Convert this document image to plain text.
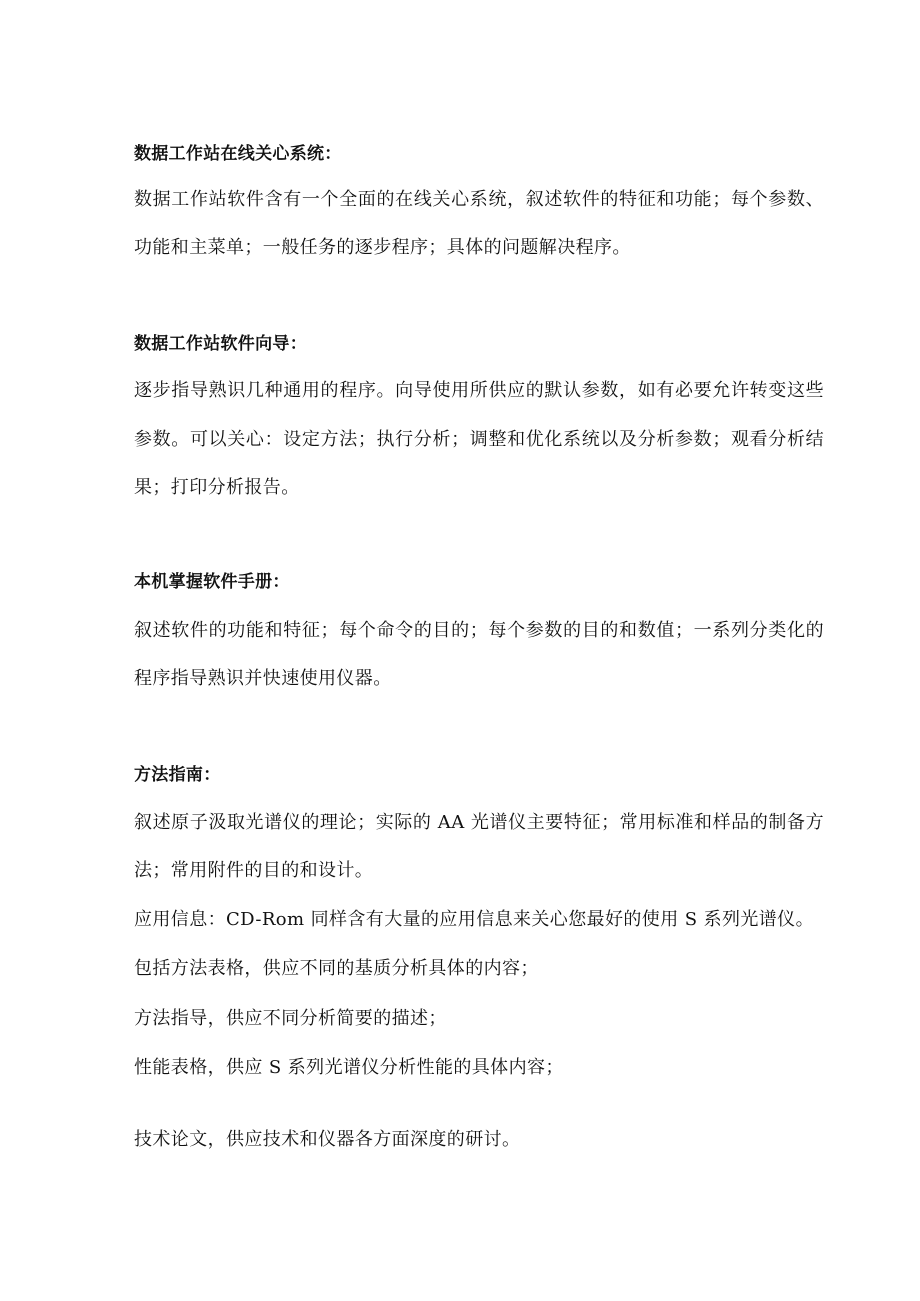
数据工作站在线关心系统：

数据工作站软件含有一个全面的在线关心系统，叙述软件的特征和功能；每个参数、

功能和主菜单；一般任务的逐步程序；具体的问题解决程序。

数据工作站软件向导：

逐步指导熟识几种通用的程序。向导使用所供应的默认参数，如有必要允许转变这些

参数。可以关心：设定方法；执行分析；调整和优化系统以及分析参数；观看分析结

果；打印分析报告。

本机掌握软件手册：

叙述软件的功能和特征；每个命令的目的；每个参数的目的和数值；一系列分类化的

程序指导熟识并快速使用仪器。

方法指南：

叙述原子汲取光谱仪的理论；实际的 AA 光谱仪主要特征；常用标准和样品的制备方

法；常用附件的目的和设计。

应用信息：CD-Rom 同样含有大量的应用信息来关心您最好的使用 S 系列光谱仪。

包括方法表格，供应不同的基质分析具体的内容；

方法指导，供应不同分析简要的描述；

性能表格，供应 S 系列光谱仪分析性能的具体内容；

技术论文，供应技术和仪器各方面深度的研讨。
